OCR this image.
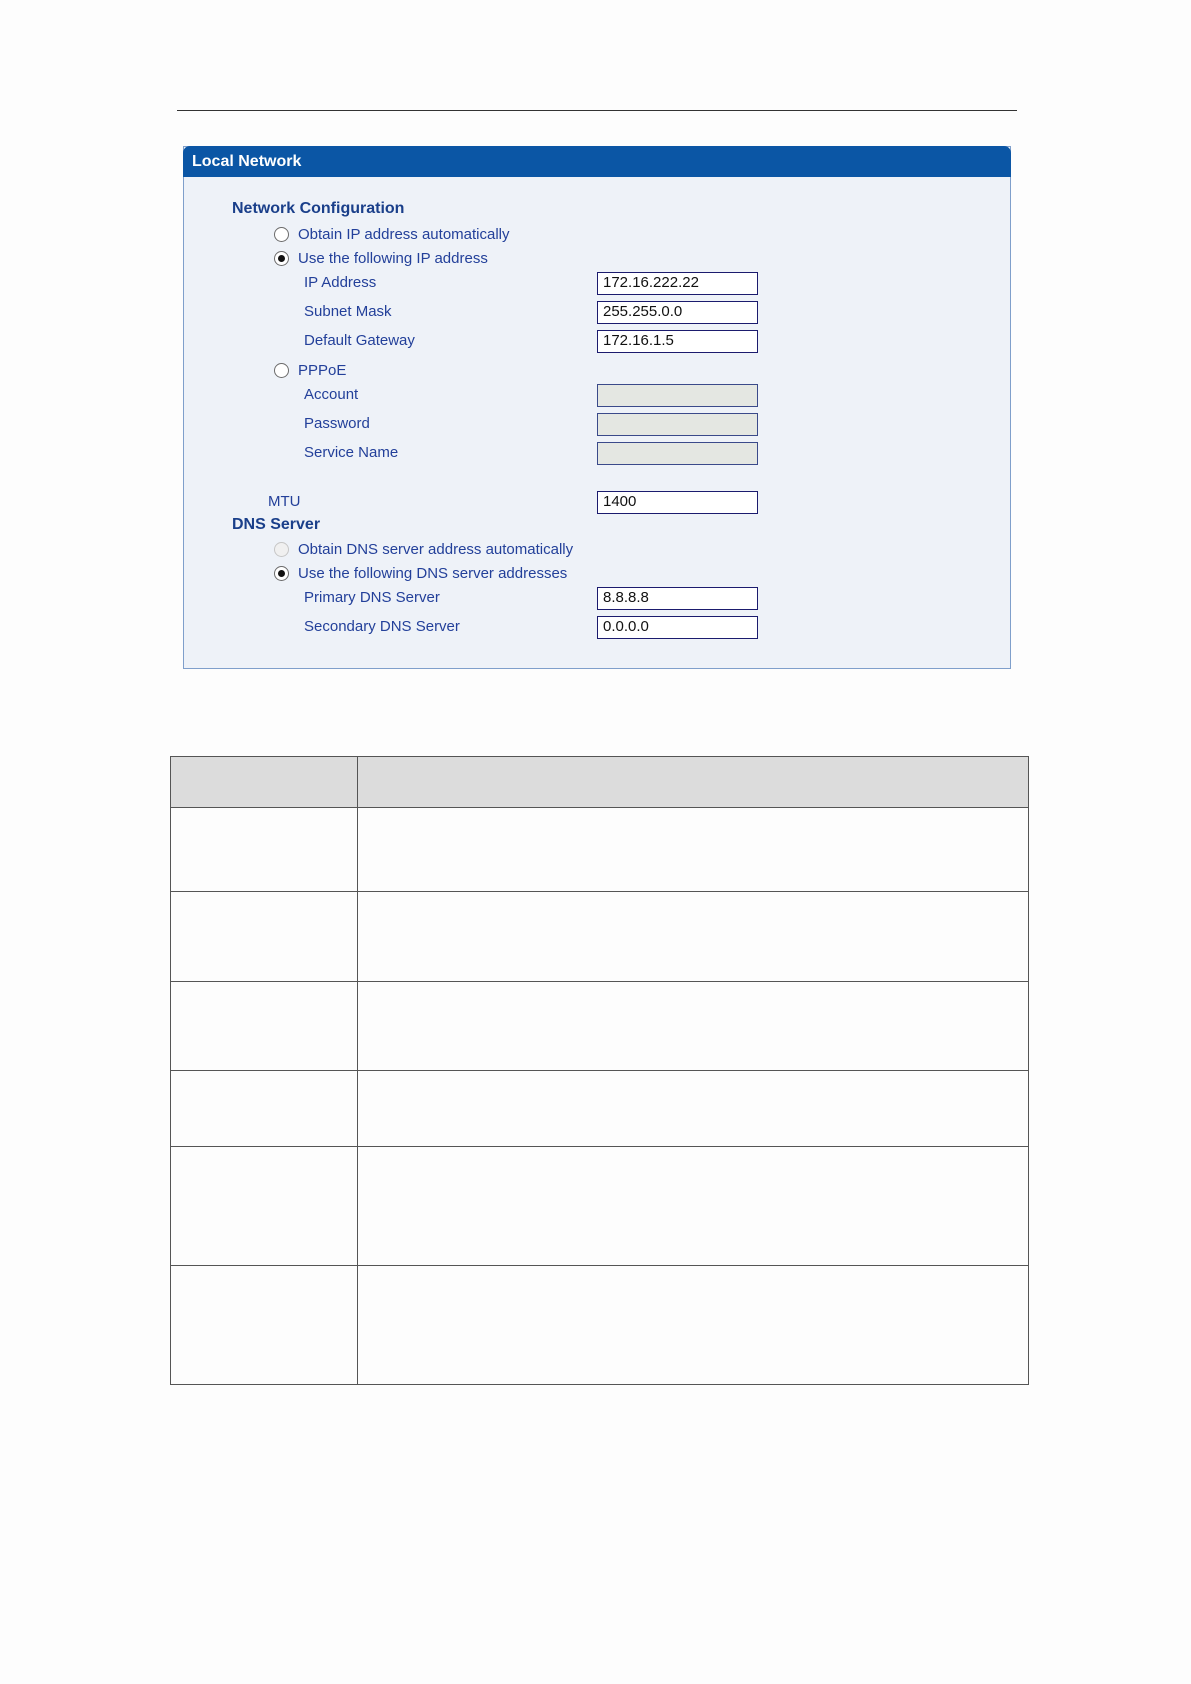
Local Network
Network Configuration
Obtain IP address automatically
Use the following IP address
IP Address	172.16.222.22
Subnet Mask	255.255.0.0
Default Gateway	172.16.1.5
PPPoE
Account
Password
Service Name
MTU	1400
DNS Server
Obtain DNS server address automatically
Use the following DNS server addresses
Primary DNS Server	8.8.8.8
Secondary DNS Server	0.0.0.0
